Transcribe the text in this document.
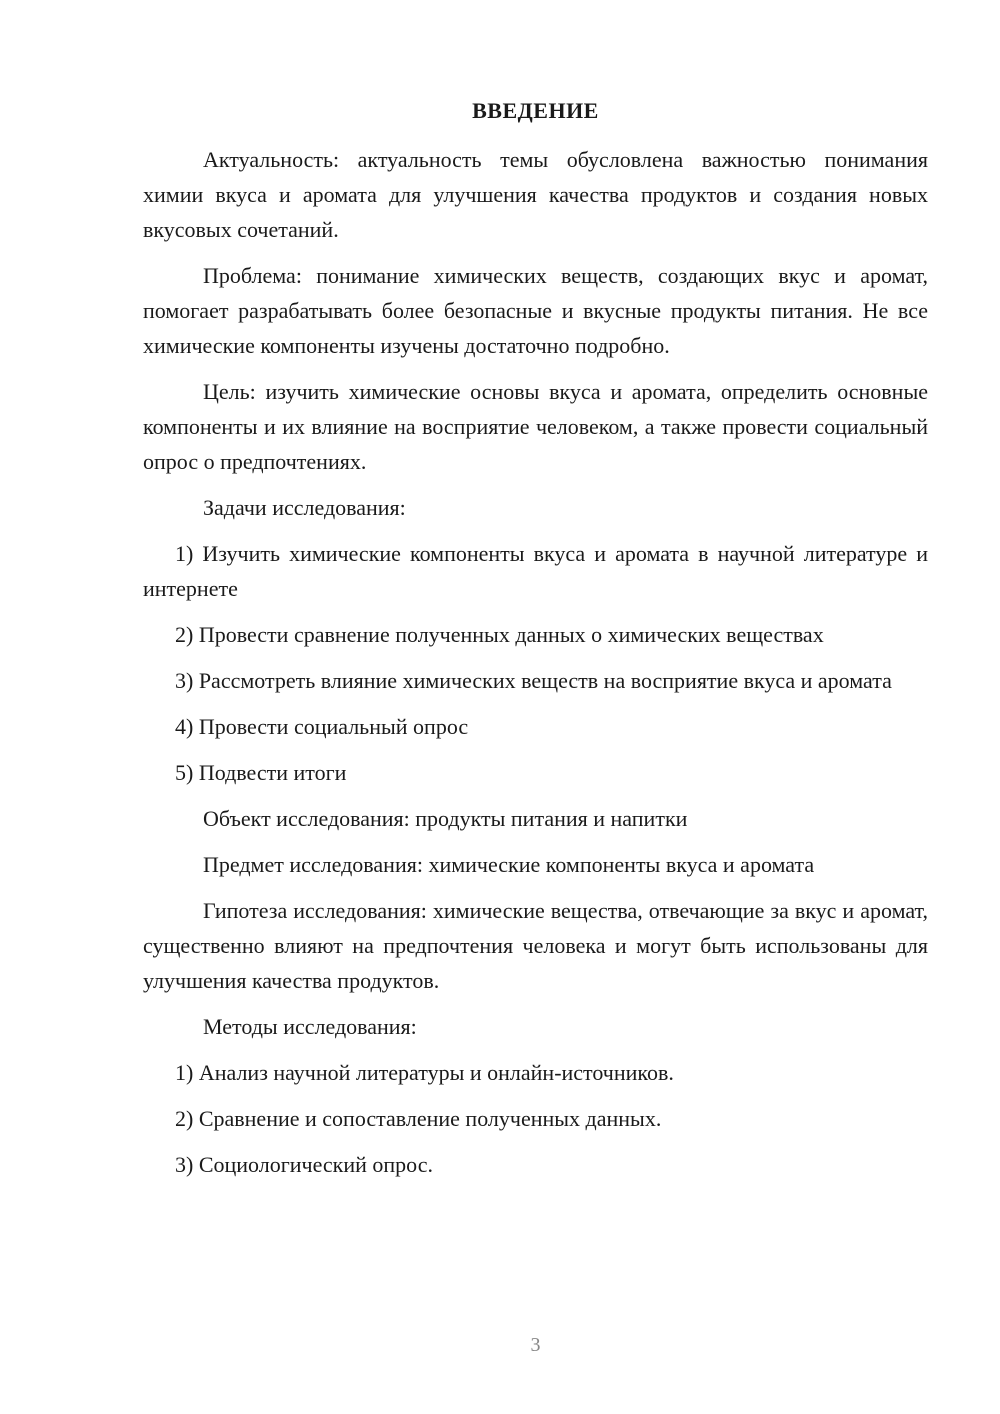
ВВЕДЕНИЕ

Актуальность: актуальность темы обусловлена важностью понимания химии вкуса и аромата для улучшения качества продуктов и создания новых вкусовых сочетаний.

Проблема: понимание химических веществ, создающих вкус и аромат, помогает разрабатывать более безопасные и вкусные продукты питания. Не все химические компоненты изучены достаточно подробно.

Цель: изучить химические основы вкуса и аромата, определить основные компоненты и их влияние на восприятие человеком, а также провести социальный опрос о предпочтениях.

Задачи исследования:

1) Изучить химические компоненты вкуса и аромата в научной литературе и интернете

2) Провести сравнение полученных данных о химических веществах

3) Рассмотреть влияние химических веществ на восприятие вкуса и аромата

4) Провести социальный опрос

5) Подвести итоги

Объект исследования: продукты питания и напитки

Предмет исследования: химические компоненты вкуса и аромата

Гипотеза исследования: химические вещества, отвечающие за вкус и аромат, существенно влияют на предпочтения человека и могут быть использованы для улучшения качества продуктов.

Методы исследования:

1) Анализ научной литературы и онлайн-источников.

2) Сравнение и сопоставление полученных данных.

3) Социологический опрос.

3
